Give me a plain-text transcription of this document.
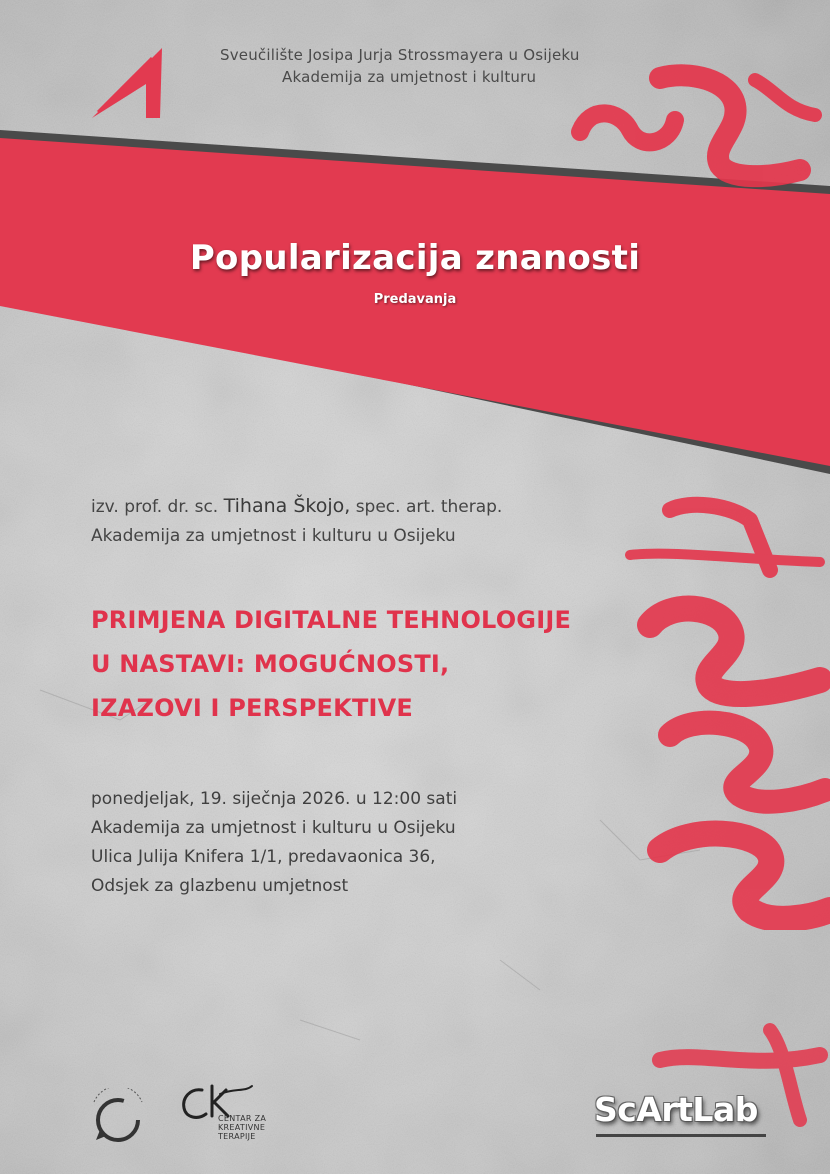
Sveučilište Josipa Jurja Strossmayera u Osijeku
Akademija za umjetnost i kulturu
Popularizacija znanosti
Predavanja
izv. prof. dr. sc. Tihana Škojo, spec. art. therap.
Akademija za umjetnost i kulturu u Osijeku
PRIMJENA DIGITALNE TEHNOLOGIJE
U NASTAVI: MOGUĆNOSTI,
IZAZOVI I PERSPEKTIVE
ponedjeljak, 19. siječnja 2026. u 12:00 sati
Akademija za umjetnost i kulturu u Osijeku
Ulica Julija Knifera 1/1, predavaonica 36,
Odsjek za glazbenu umjetnost
CENTAR ZA
KREATIVNE
TERAPIJE
ScArtLab
